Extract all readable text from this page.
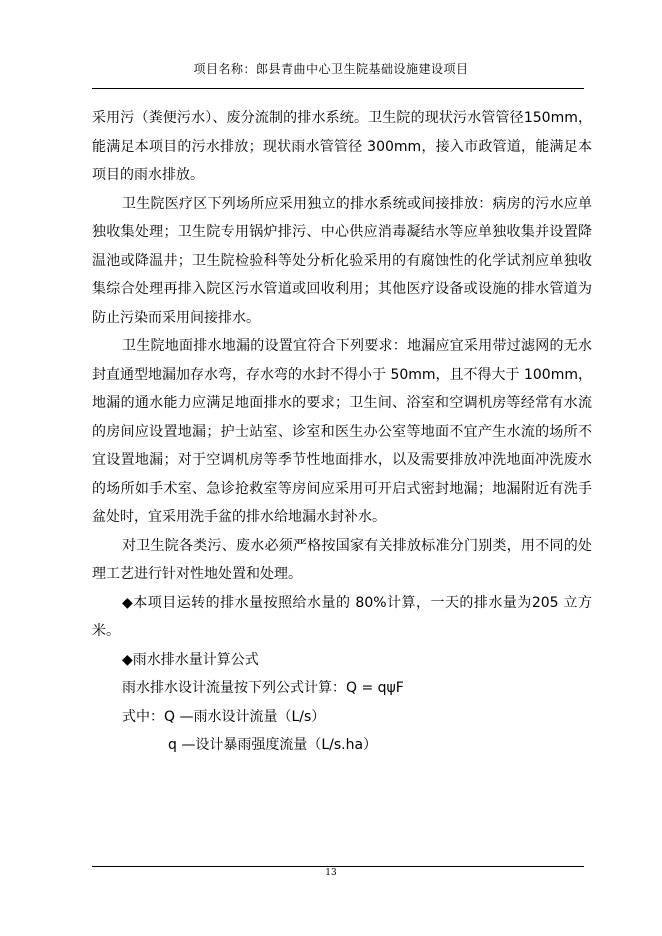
项目名称：郎县青曲中心卫生院基础设施建设项目

采用污（粪便污水）、废分流制的排水系统。卫生院的现状污水管管径150mm，能满足本项目的污水排放；现状雨水管管径 300mm，接入市政管道，能满足本项目的雨水排放。

卫生院医疗区下列场所应采用独立的排水系统或间接排放：病房的污水应单独收集处理；卫生院专用锅炉排污、中心供应消毒凝结水等应单独收集并设置降温池或降温井；卫生院检验科等处分析化验采用的有腐蚀性的化学试剂应单独收集综合处理再排入院区污水管道或回收利用；其他医疗设备或设施的排水管道为防止污染而采用间接排水。

卫生院地面排水地漏的设置宜符合下列要求：地漏应宜采用带过滤网的无水封直通型地漏加存水弯，存水弯的水封不得小于 50mm，且不得大于 100mm，地漏的通水能力应满足地面排水的要求；卫生间、浴室和空调机房等经常有水流的房间应设置地漏；护士站室、诊室和医生办公室等地面不宜产生水流的场所不宜设置地漏；对于空调机房等季节性地面排水，以及需要排放冲洗地面冲洗废水的场所如手术室、急诊抢救室等房间应采用可开启式密封地漏；地漏附近有洗手盆处时，宜采用洗手盆的排水给地漏水封补水。

对卫生院各类污、废水必须严格按国家有关排放标准分门别类，用不同的处理工艺进行针对性地处置和处理。

◆本项目运转的排水量按照给水量的 80%计算，一天的排水量为205 立方米。

◆雨水排水量计算公式

雨水排水设计流量按下列公式计算：Q = qψF

式中：Q —雨水设计流量（L/s）

q —设计暴雨强度流量（L/s.ha）

13
